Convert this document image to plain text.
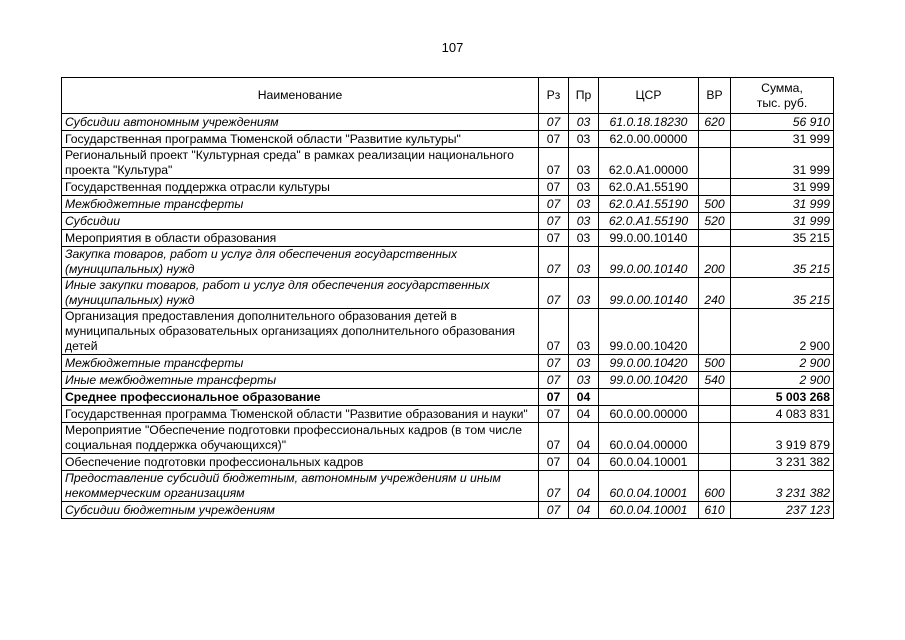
107
Наименование	Рз	Пр	ЦСР	ВР	Сумма,
тыс. руб.
Субсидии автономным учреждениям	07	03	61.0.18.18230	620	56 910
Государственная программа Тюменской области "Развитие культуры"	07	03	62.0.00.00000		31 999
Региональный проект "Культурная среда" в рамках реализации национального проекта "Культура"	07	03	62.0.A1.00000		31 999
Государственная поддержка отрасли культуры	07	03	62.0.A1.55190		31 999
Межбюджетные трансферты	07	03	62.0.A1.55190	500	31 999
Субсидии	07	03	62.0.A1.55190	520	31 999
Мероприятия в области образования	07	03	99.0.00.10140		35 215
Закупка товаров, работ и услуг для обеспечения государственных (муниципальных) нужд	07	03	99.0.00.10140	200	35 215
Иные закупки товаров, работ и услуг для обеспечения государственных (муниципальных) нужд	07	03	99.0.00.10140	240	35 215
Организация предоставления дополнительного образования детей в муниципальных образовательных организациях дополнительного образования детей	07	03	99.0.00.10420		2 900
Межбюджетные трансферты	07	03	99.0.00.10420	500	2 900
Иные межбюджетные трансферты	07	03	99.0.00.10420	540	2 900
Среднее профессиональное образование	07	04			5 003 268
Государственная программа Тюменской области "Развитие образования и науки"	07	04	60.0.00.00000		4 083 831
Мероприятие "Обеспечение подготовки профессиональных кадров (в том числе социальная поддержка обучающихся)"	07	04	60.0.04.00000		3 919 879
Обеспечение подготовки профессиональных кадров	07	04	60.0.04.10001		3 231 382
Предоставление субсидий бюджетным, автономным учреждениям и иным некоммерческим организациям	07	04	60.0.04.10001	600	3 231 382
Субсидии бюджетным учреждениям	07	04	60.0.04.10001	610	237 123
